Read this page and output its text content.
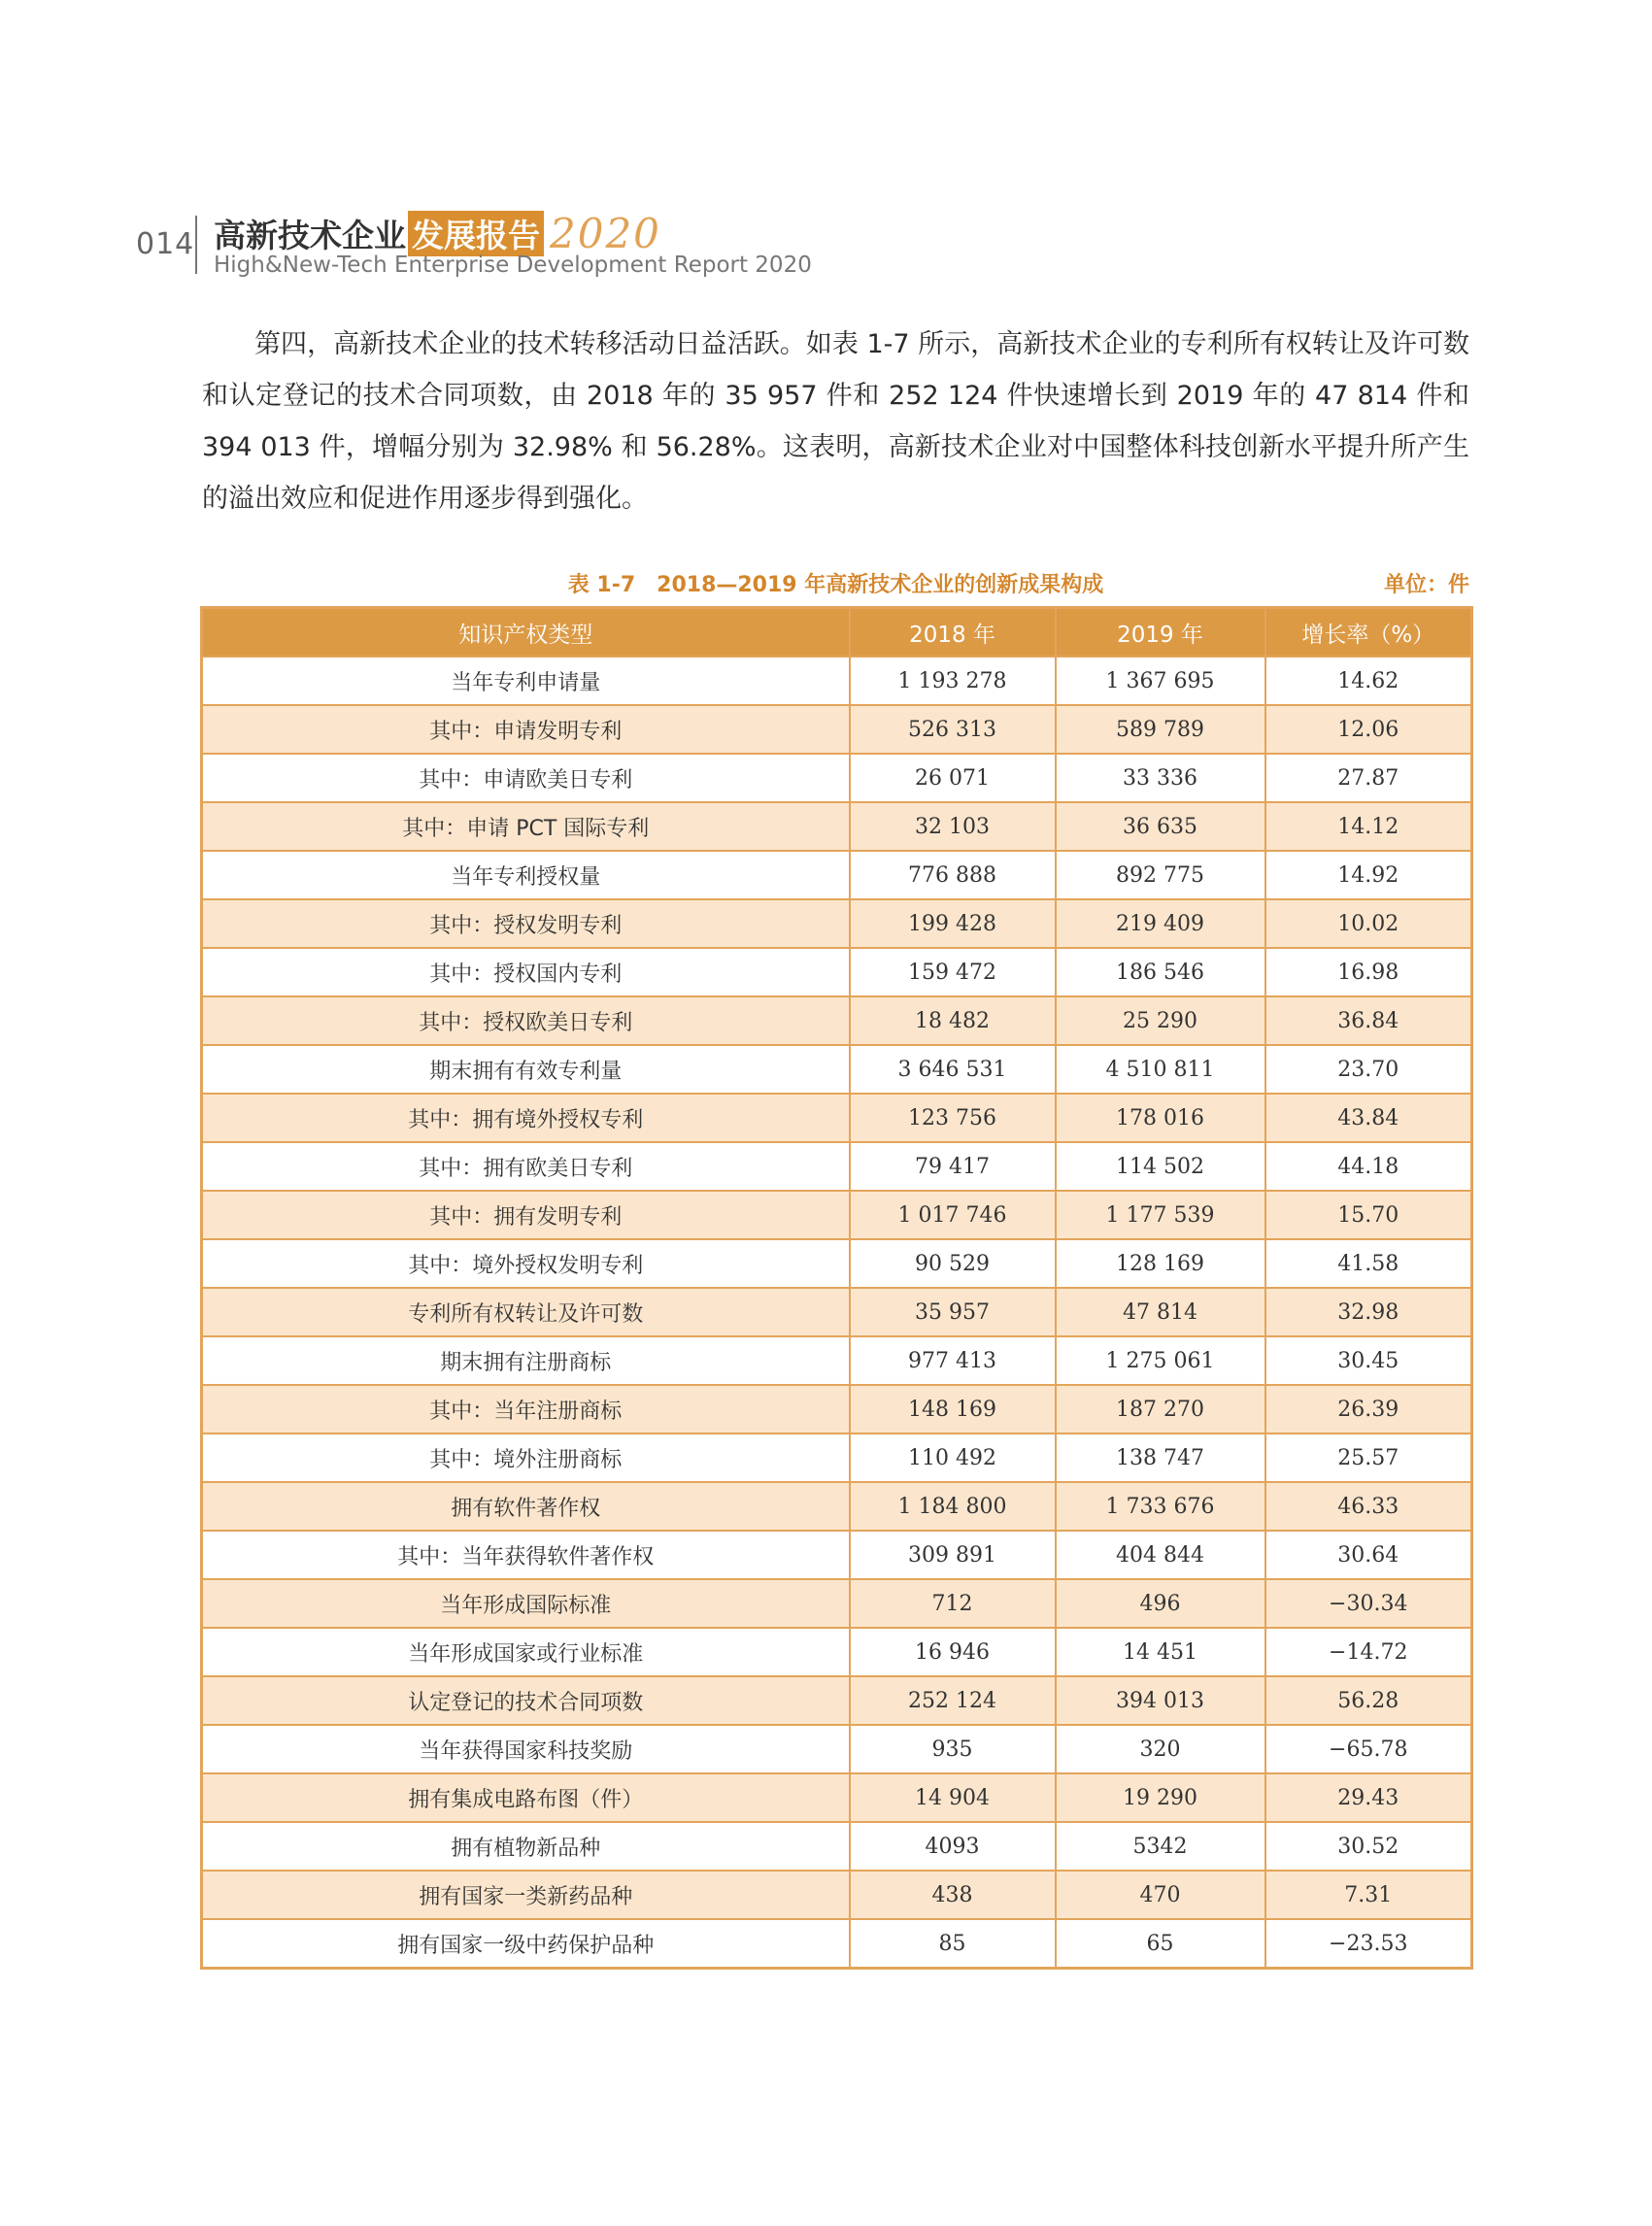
014 高新技术企业 发展报告 2020
High&New-Tech Enterprise Development Report 2020
第四，高新技术企业的技术转移活动日益活跃。如表 1-7 所示，高新技术企业的专利所有权转让及许可数和认定登记的技术合同项数，由 2018 年的 35 957 件和 252 124 件快速增长到 2019 年的 47 814 件和 394 013 件，增幅分别为 32.98% 和 56.28%。这表明，高新技术企业对中国整体科技创新水平提升所产生的溢出效应和促进作用逐步得到强化。
表 1-7　2018—2019 年高新技术企业的创新成果构成	单位：件
知识产权类型	2018 年	2019 年	增长率（%）
当年专利申请量	1 193 278	1 367 695	14.62
其中：申请发明专利	526 313	589 789	12.06
其中：申请欧美日专利	26 071	33 336	27.87
其中：申请 PCT 国际专利	32 103	36 635	14.12
当年专利授权量	776 888	892 775	14.92
其中：授权发明专利	199 428	219 409	10.02
其中：授权国内专利	159 472	186 546	16.98
其中：授权欧美日专利	18 482	25 290	36.84
期末拥有有效专利量	3 646 531	4 510 811	23.70
其中：拥有境外授权专利	123 756	178 016	43.84
其中：拥有欧美日专利	79 417	114 502	44.18
其中：拥有发明专利	1 017 746	1 177 539	15.70
其中：境外授权发明专利	90 529	128 169	41.58
专利所有权转让及许可数	35 957	47 814	32.98
期末拥有注册商标	977 413	1 275 061	30.45
其中：当年注册商标	148 169	187 270	26.39
其中：境外注册商标	110 492	138 747	25.57
拥有软件著作权	1 184 800	1 733 676	46.33
其中：当年获得软件著作权	309 891	404 844	30.64
当年形成国际标准	712	496	−30.34
当年形成国家或行业标准	16 946	14 451	−14.72
认定登记的技术合同项数	252 124	394 013	56.28
当年获得国家科技奖励	935	320	−65.78
拥有集成电路布图（件）	14 904	19 290	29.43
拥有植物新品种	4093	5342	30.52
拥有国家一类新药品种	438	470	7.31
拥有国家一级中药保护品种	85	65	−23.53
